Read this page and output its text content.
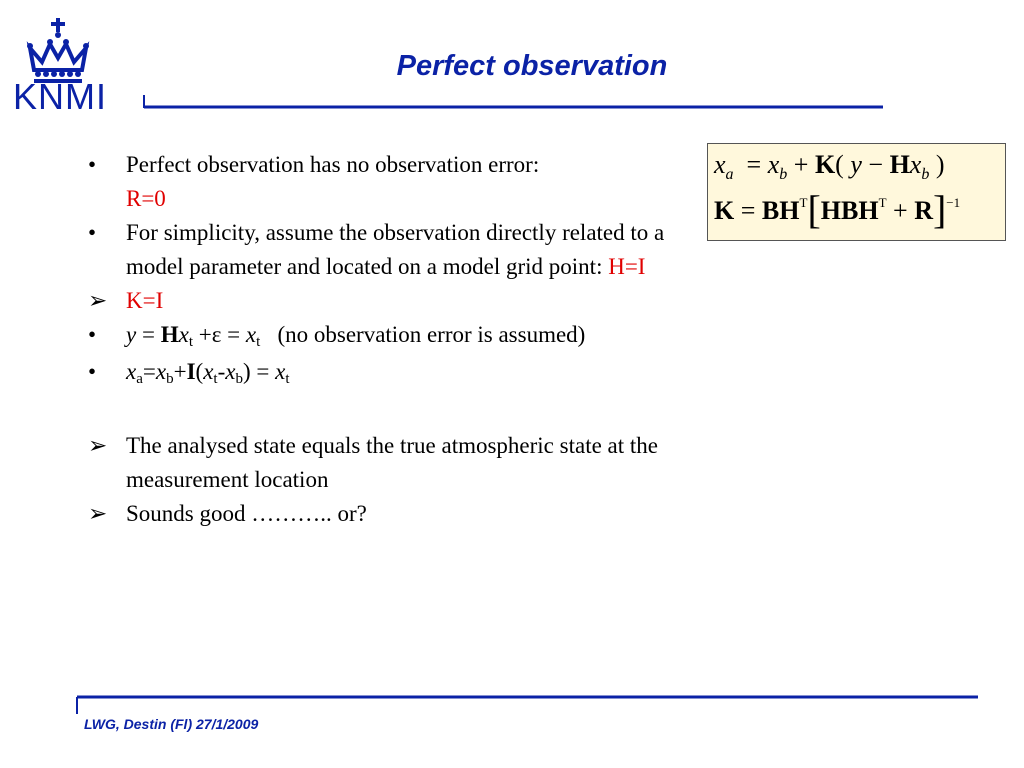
KNMI
Perfect observation
•	Perfect observation has no observation error:
R=0
•	For simplicity, assume the observation directly related to a model parameter and located on a model grid point: H=I
➢ K=I
•	y = Hxt +ε = xt (no observation error is assumed)
•	xa=xb+I(xt-xb) = xt
➢ The analysed state equals the true atmospheric state at the measurement location
➢ Sounds good ……….. or?
$x_a = x_b + K$( $y - Hx_b$ )
$K = BH^T[HBH^T + R]^{-1}$
LWG, Destin (Fl) 27/1/2009
